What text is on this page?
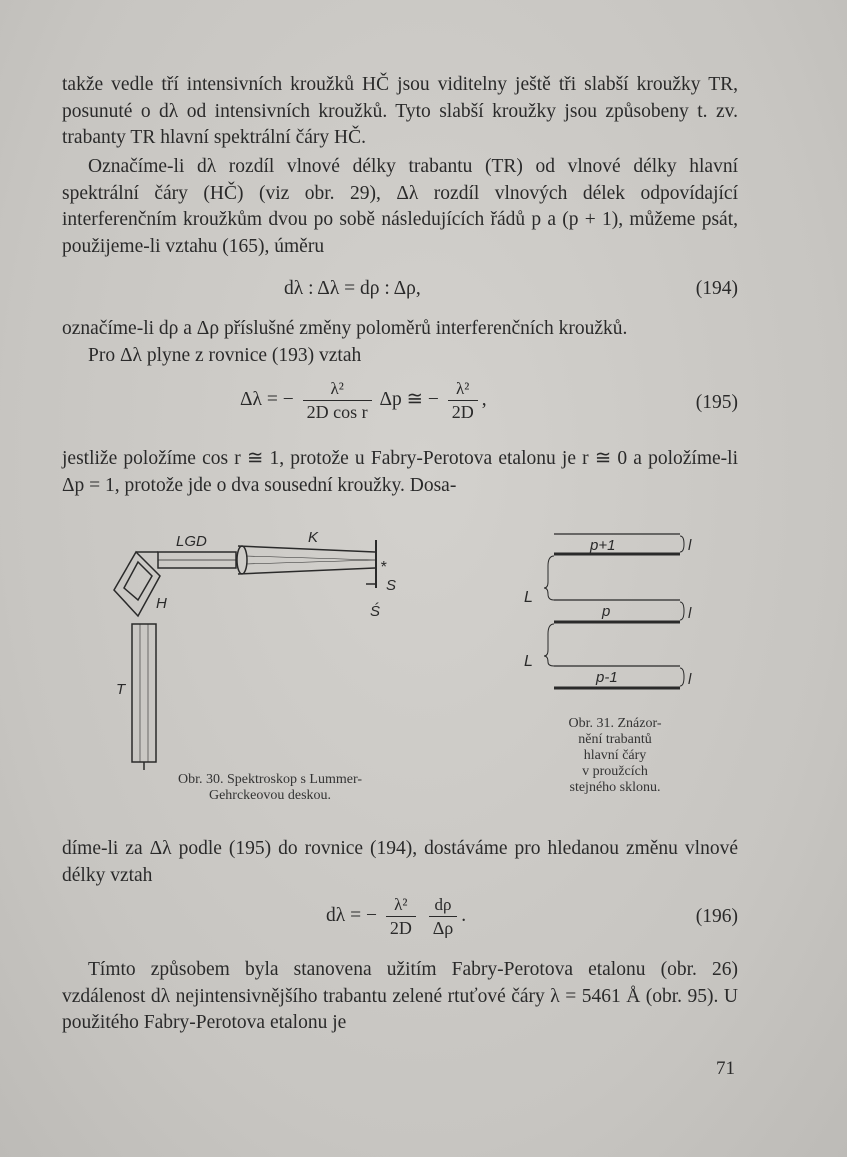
takže vedle tří intensivních kroužků HČ jsou viditelny ještě tři slabší kroužky TR, posunuté o dλ od intensivních kroužků. Tyto slabší kroužky jsou způsobeny t. zv. trabanty TR hlavní spektrální čáry HČ.

Označíme-li dλ rozdíl vlnové délky trabantu (TR) od vlnové délky hlavní spektrální čáry (HČ) (viz obr. 29), Δλ rozdíl vlnových délek odpovídající interferenčním kroužkům dvou po sobě následujících řádů p a (p + 1), můžeme psát, použijeme-li vztahu (165), úměru

dλ : Δλ = dρ : Δρ,	(194)

označíme-li dρ a Δρ příslušné změny poloměrů interferenčních kroužků.

Pro Δλ plyne z rovnice (193) vztah

Δλ = − $\frac{\text{λ²}}{\text{2D cos r}}$ Δp ≅ − $\frac{\text{λ²}}{2D}$ ,	(195)

jestliže položíme cos r ≅ 1, protože u Fabry-Perotova etalonu je r ≅ 0 a položíme-li Δp = 1, protože jde o dva sousední kroužky. Dosa-

LGD	K
*
S
Ś
H
T
Obr. 30. Spektroskop s Lummer-
Gehrckeovou deskou.
p+1
p
p-1
L
L
l
l
l
Obr. 31. Znázor-
nění trabantů
hlavní čáry
v proužcích
stejného sklonu.

díme-li za Δλ podle (195) do rovnice (194), dostáváme pro hledanou změnu vlnové délky vztah

dλ = − $\frac{\text{λ²}}{2D}$
$\frac{d\rho}{\Delta\rho}$ .	(196)

Tímto způsobem byla stanovena užitím Fabry-Perotova etalonu (obr. 26) vzdálenost dλ nejintensivnějšího trabantu zelené rtuťové čáry λ = 5461 Å (obr. 95). U použitého Fabry-Perotova etalonu je

71
